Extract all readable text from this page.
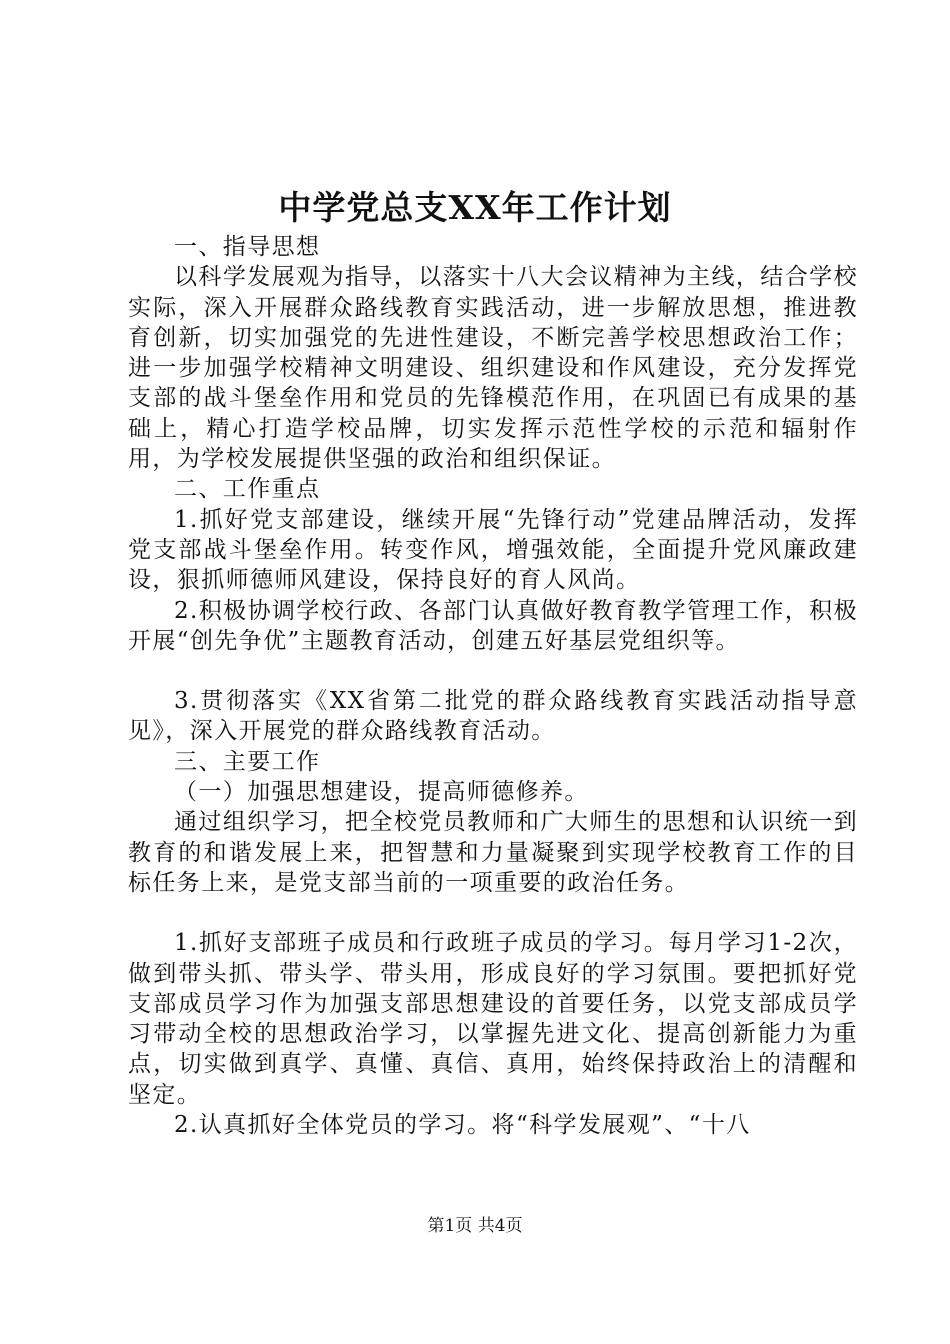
中学党总支XX年工作计划

一、指导思想

以科学发展观为指导，以落实十八大会议精神为主线，结合学校实际，深入开展群众路线教育实践活动，进一步解放思想，推进教育创新，切实加强党的先进性建设，不断完善学校思想政治工作；进一步加强学校精神文明建设、组织建设和作风建设，充分发挥党支部的战斗堡垒作用和党员的先锋模范作用，在巩固已有成果的基础上，精心打造学校品牌，切实发挥示范性学校的示范和辐射作用，为学校发展提供坚强的政治和组织保证。

二、工作重点

1.抓好党支部建设，继续开展“先锋行动”党建品牌活动，发挥党支部战斗堡垒作用。转变作风，增强效能，全面提升党风廉政建设，狠抓师德师风建设，保持良好的育人风尚。

2.积极协调学校行政、各部门认真做好教育教学管理工作，积极开展“创先争优”主题教育活动，创建五好基层党组织等。

3.贯彻落实《XX省第二批党的群众路线教育实践活动指导意见》，深入开展党的群众路线教育活动。

三、主要工作

（一）加强思想建设，提高师德修养。

通过组织学习，把全校党员教师和广大师生的思想和认识统一到教育的和谐发展上来，把智慧和力量凝聚到实现学校教育工作的目标任务上来，是党支部当前的一项重要的政治任务。

1.抓好支部班子成员和行政班子成员的学习。每月学习1-2次，做到带头抓、带头学、带头用，形成良好的学习氛围。要把抓好党支部成员学习作为加强支部思想建设的首要任务，以党支部成员学习带动全校的思想政治学习，以掌握先进文化、提高创新能力为重点，切实做到真学、真懂、真信、真用，始终保持政治上的清醒和坚定。

2.认真抓好全体党员的学习。将“科学发展观”、“十八

第1页 共4页
